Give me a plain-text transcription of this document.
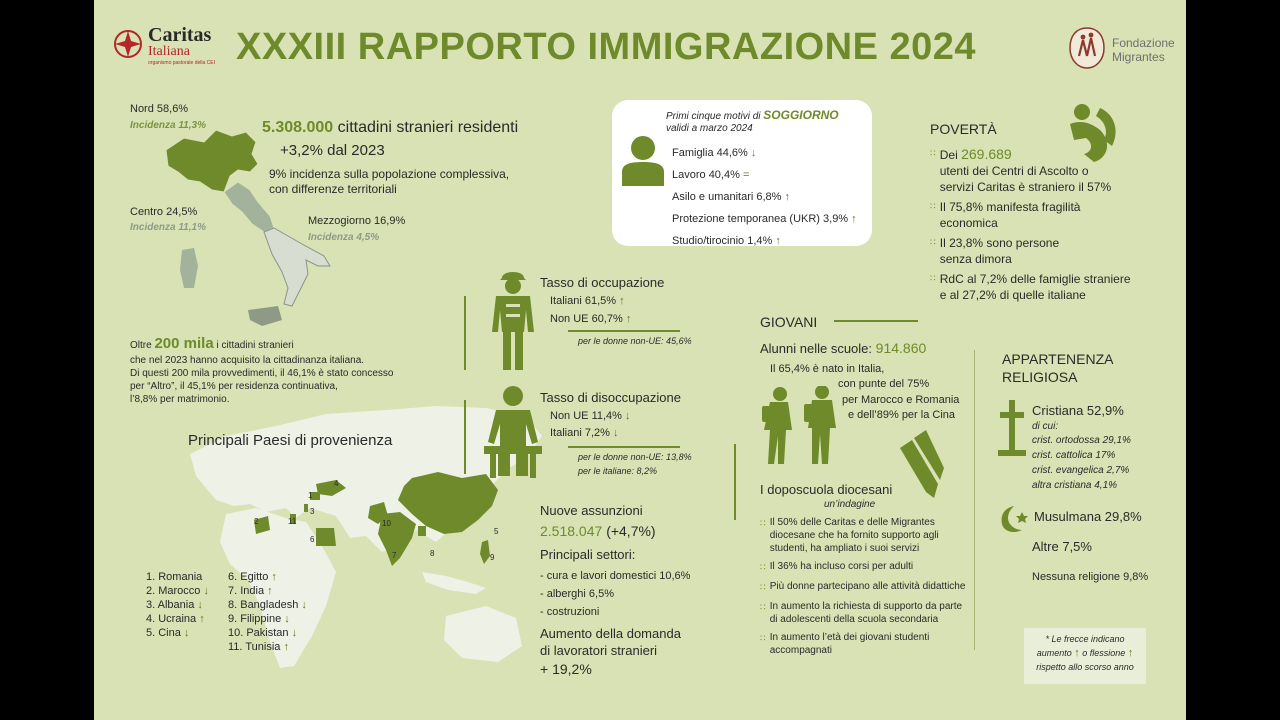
Caritas
Italiana
organismo pastorale della CEI XXXIII RAPPORTO IMMIGRAZIONE 2024	Fondazione
Migrantes
Nord 58,6%
Incidenza 11,3%
Centro 24,5%
Incidenza 11,1%
Mezzogiorno 16,9%
Incidenza 4,5%
5.308.000 cittadini stranieri residenti
+3,2% dal 2023
9% incidenza sulla popolazione complessiva,
con differenze territoriali
Oltre 200 mila i cittadini stranieri
che nel 2023 hanno acquisito la cittadinanza italiana.
Di questi 200 mila provvedimenti, il 46,1% è stato concesso
per “Altro”, il 45,1% per residenza continuativa,
l’8,8% per matrimonio.
1
2
3
4
5
6
7	8	9
10
11
Principali Paesi di provenienza
1. Romania
2. Marocco ↓
3. Albania ↓
4. Ucraina ↑
5. Cina ↓
6. Egitto ↑
7. India ↑
8. Bangladesh ↓
9. Filippine ↓
10. Pakistan ↓
11. Tunisia ↑
Primi cinque motivi di SOGGIORNO
validi a marzo 2024
Famiglia 44,6% ↓
Lavoro 40,4% =
Asilo e umanitari 6,8% ↑
Protezione temporanea (UKR) 3,9% ↑
Studio/tirocinio 1,4% ↑
Tasso di occupazione
Italiani 61,5% ↑
Non UE 60,7% ↑
per le donne non-UE: 45,6%
Tasso di disoccupazione
Non UE 11,4% ↓
Italiani 7,2% ↓
per le donne non-UE: 13,8%
per le italiane: 8,2%
Nuove assunzioni
2.518.047 (+4,7%)
Principali settori:
- cura e lavori domestici 10,6%
- alberghi 6,5%
- costruzioni
Aumento della domanda
di lavoratori stranieri
+ 19,2%
POVERTÀ
∷ Dei 269.689
utenti dei Centri di Ascolto o
servizi Caritas è straniero il 57%
∷ Il 75,8% manifesta fragilità
economica
∷ Il 23,8% sono persone
senza dimora
∷ RdC al 7,2% delle famiglie straniere
e al 27,2% di quelle italiane
GIOVANI
Alunni nelle scuole: 914.860
Il 65,4% è nato in Italia,
con punte del 75%
per Marocco e Romania
e dell’89% per la Cina
I doposcuola diocesani
un’indagine
∷ Il 50% delle Caritas e delle Migrantes diocesane che ha fornito supporto agli studenti, ha ampliato i suoi servizi
∷ Il 36% ha incluso corsi per adulti
∷ Più donne partecipano alle attività didattiche
∷ In aumento la richiesta di supporto da parte di adolescenti della scuola secondaria
∷ In aumento l’età dei giovani studenti accompagnati
APPARTENENZA
RELIGIOSA
Cristiana 52,9%
di cui:
crist. ortodossa 29,1%
crist. cattolica 17%
crist. evangelica 2,7%
altra cristiana 4,1%
Musulmana 29,8%
Altre 7,5%
Nessuna religione 9,8%
* Le frecce indicano
aumento ↑ o flessione ↑
rispetto allo scorso anno
